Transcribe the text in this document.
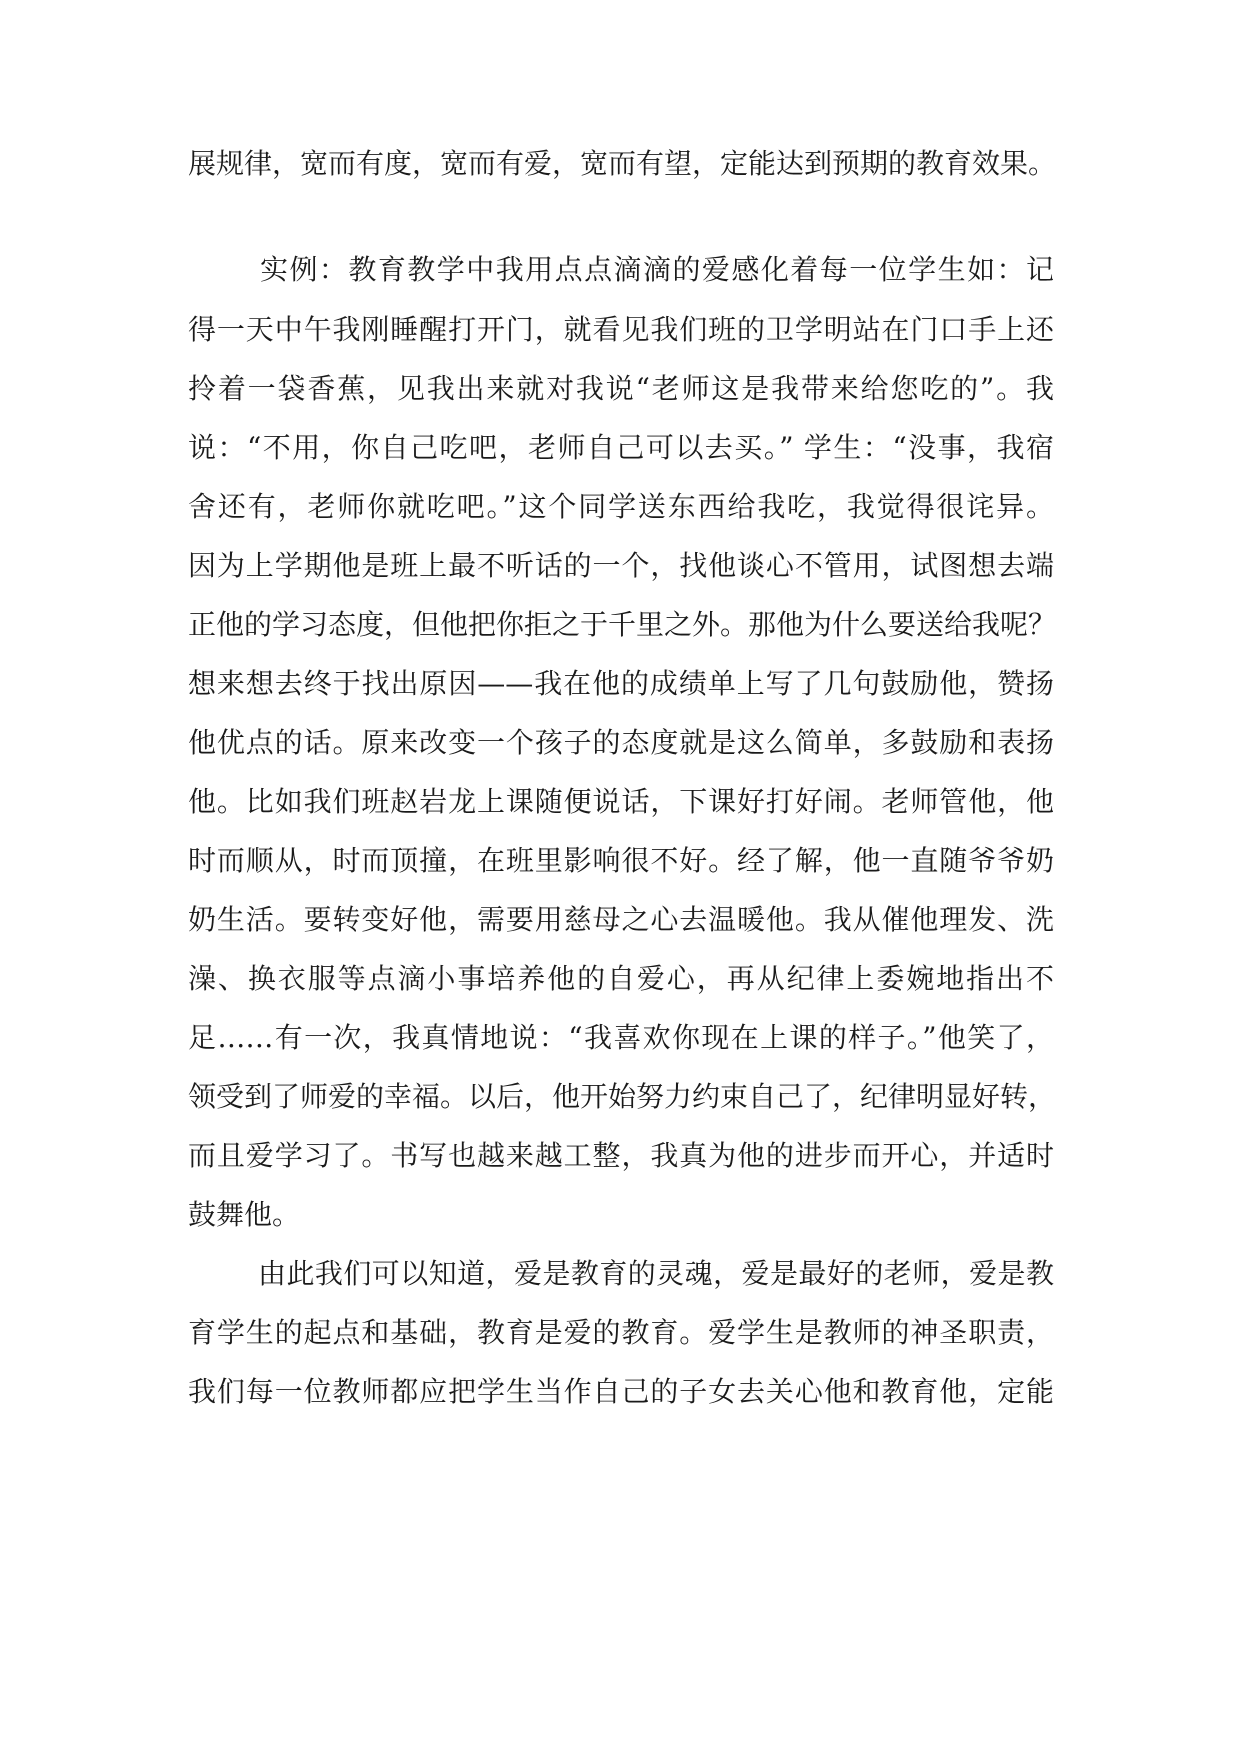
展规律，宽而有度，宽而有爱，宽而有望，定能达到预期的教育效果。
实例：教育教学中我用点点滴滴的爱感化着每一位学生如：记
得一天中午我刚睡醒打开门，就看见我们班的卫学明站在门口手上还
拎着一袋香蕉，见我出来就对我说“老师这是我带来给您吃的”。我
说：“不用，你自己吃吧，老师自己可以去买。” 学生：“没事，我宿
舍还有，老师你就吃吧。”这个同学送东西给我吃，我觉得很诧异。
因为上学期他是班上最不听话的一个，找他谈心不管用，试图想去端
正他的学习态度，但他把你拒之于千里之外。那他为什么要送给我呢？
想来想去终于找出原因——我在他的成绩单上写了几句鼓励他，赞扬
他优点的话。原来改变一个孩子的态度就是这么简单，多鼓励和表扬
他。比如我们班赵岩龙上课随便说话，下课好打好闹。老师管他，他
时而顺从，时而顶撞，在班里影响很不好。经了解，他一直随爷爷奶
奶生活。要转变好他，需要用慈母之心去温暖他。我从催他理发、洗
澡、换衣服等点滴小事培养他的自爱心，再从纪律上委婉地指出不
足……有一次，我真情地说：“我喜欢你现在上课的样子。”他笑了，
领受到了师爱的幸福。以后，他开始努力约束自己了，纪律明显好转，
而且爱学习了。书写也越来越工整，我真为他的进步而开心，并适时
鼓舞他。
由此我们可以知道，爱是教育的灵魂，爱是最好的老师，爱是教
育学生的起点和基础，教育是爱的教育。爱学生是教师的神圣职责，
我们每一位教师都应把学生当作自己的子女去关心他和教育他，定能
